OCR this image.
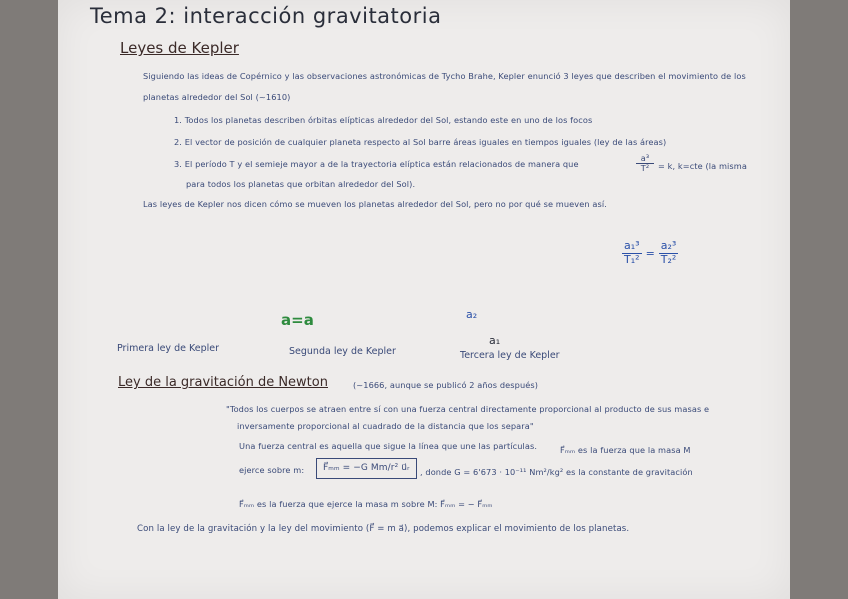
Tema 2: interacción gravitatoria
Leyes de Kepler
Siguiendo las ideas de Copérnico y las observaciones astronómicas de Tycho Brahe, Kepler enunció 3 leyes que describen el movimiento de los
planetas alrededor del Sol (~1610)
1. Todos los planetas describen órbitas elípticas alrededor del Sol, estando este en uno de los focos
2. El vector de posición de cualquier planeta respecto al Sol barre áreas iguales en tiempos iguales (ley de las áreas)
3. El período T y el semieje mayor a de la trayectoria elíptica están relacionados de manera que	$\frac{\text{a³}}{\text{T²}} = k$, k=cte (la misma
para todos los planetas que orbitan alrededor del Sol).
Las leyes de Kepler nos dicen cómo se mueven los planetas alrededor del Sol, pero no por qué se mueven así.
Sol
foco
Primera ley de Kepler
Sol
dt
dt
r
a=a
Segunda ley de Kepler
a₂
a₁
Tercera ley de Kepler
$\frac{\text{a₁³}}{\text{T₁²}} = \frac{\text{a₂³}}{\text{T₂²}}$
Ley de la gravitación de Newton	(~1666, aunque se publicó 2 años después)
u⃗ᵣ
m
r
F⃗ₘₘ
F⃗
M
"Todos los cuerpos se atraen entre sí con una fuerza central directamente proporcional al producto de sus masas e
inversamente proporcional al cuadrado de la distancia que los separa"
Una fuerza central es aquella que sigue la línea que une las partículas.	F⃗ₘₘ es la fuerza que la masa M
ejerce sobre m:	F⃗ₘₘ = −G Mm/r² u⃗ᵣ	, donde G = 6'673 · 10⁻¹¹ Nm²/kg² es la constante de gravitación
F⃗ₘₘ es la fuerza que ejerce la masa m sobre M: F⃗ₘₘ = − F⃗ₘₘ
Con la ley de la gravitación y la ley del movimiento (F⃗ = m a⃗), podemos explicar el movimiento de los planetas.
